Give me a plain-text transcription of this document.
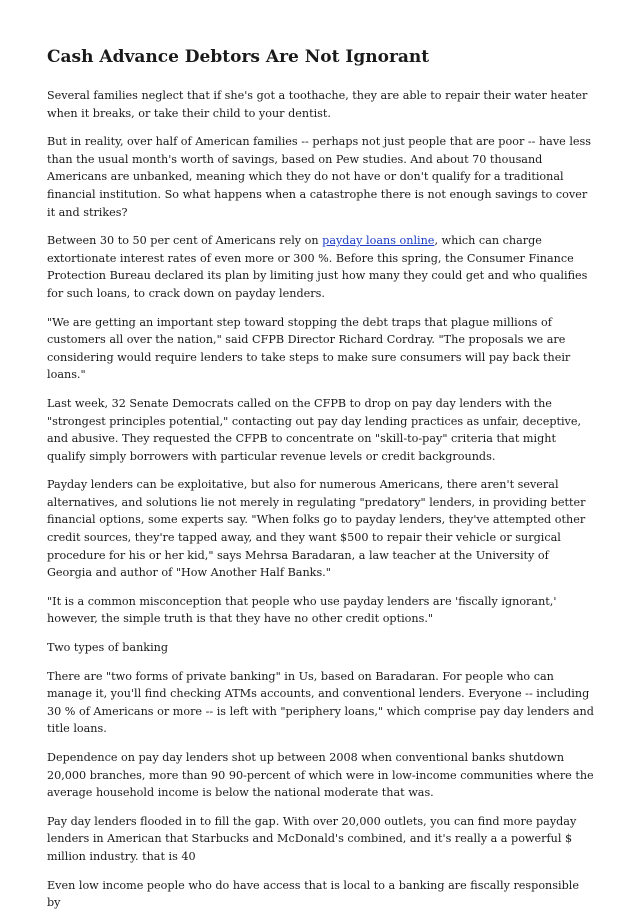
Cash Advance Debtors Are Not Ignorant

Several families neglect that if she's got a toothache, they are able to repair their water heater when it breaks, or take their child to your dentist.

But in reality, over half of American families -- perhaps not just people that are poor -- have less than the usual month's worth of savings, based on Pew studies. And about 70 thousand Americans are unbanked, meaning which they do not have or don't qualify for a traditional financial institution. So what happens when a catastrophe there is not enough savings to cover it and strikes?

Between 30 to 50 per cent of Americans rely on payday loans online, which can charge extortionate interest rates of even more or 300 %. Before this spring, the Consumer Finance Protection Bureau declared its plan by limiting just how many they could get and who qualifies for such loans, to crack down on payday lenders.

"We are getting an important step toward stopping the debt traps that plague millions of customers all over the nation," said CFPB Director Richard Cordray. "The proposals we are considering would require lenders to take steps to make sure consumers will pay back their loans."

Last week, 32 Senate Democrats called on the CFPB to drop on pay day lenders with the "strongest principles potential," contacting out pay day lending practices as unfair, deceptive, and abusive. They requested the CFPB to concentrate on "skill-to-pay" criteria that might qualify simply borrowers with particular revenue levels or credit backgrounds.

Payday lenders can be exploitative, but also for numerous Americans, there aren't several alternatives, and solutions lie not merely in regulating "predatory" lenders, in providing better financial options, some experts say. "When folks go to payday lenders, they've attempted other credit sources, they're tapped away, and they want $500 to repair their vehicle or surgical procedure for his or her kid," says Mehrsa Baradaran, a law teacher at the University of Georgia and author of "How Another Half Banks."

"It is a common misconception that people who use payday lenders are 'fiscally ignorant,' however, the simple truth is that they have no other credit options."

Two types of banking

There are "two forms of private banking" in Us, based on Baradaran. For people who can manage it, you'll find checking ATMs accounts, and conventional lenders. Everyone -- including 30 % of Americans or more -- is left with "periphery loans," which comprise pay day lenders and title loans.

Dependence on pay day lenders shot up between 2008 when conventional banks shutdown 20,000 branches, more than 90 90-percent of which were in low-income communities where the average household income is below the national moderate that was.

Pay day lenders flooded in to fill the gap. With over 20,000 outlets, you can find more payday lenders in American that Starbucks and McDonald's combined, and it's really a a powerful $ million industry. that is 40

Even low income people who do have access that is local to a banking are fiscally responsible by
